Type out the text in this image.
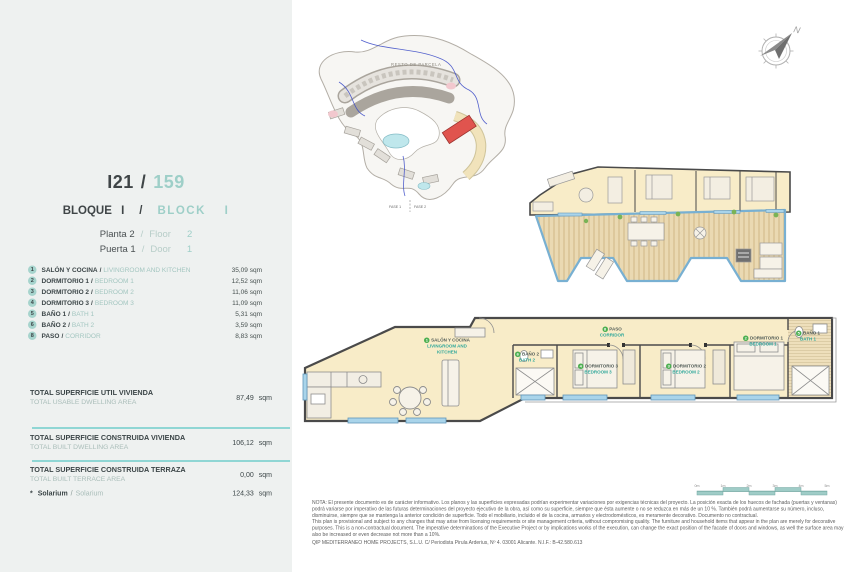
I21 / 159
BLOQUE I / BLOCK I
Planta 2 / Floor 2
Puerta 1 / Door 1
1 SALÓN Y COCINA / LIVINGROOM AND KITCHEN	35,09 sqm
2 DORMITORIO 1 / BEDROOM 1	12,52 sqm
3 DORMITORIO 2 / BEDROOM 2	11,06 sqm
4 DORMITORIO 3 / BEDROOM 3	11,09 sqm
5 BAÑO 1 / BATH 1	5,31 sqm
6 BAÑO 2 / BATH 2	3,59 sqm
8 PASO / CORRIDOR	8,83 sqm
TOTAL SUPERFICIE UTIL VIVIENDA
TOTAL USABLE DWELLING AREA
87,49 sqm
TOTAL SUPERFICIE CONSTRUIDA VIVIENDA
TOTAL BUILT DWELLING AREA
106,12 sqm
TOTAL SUPERFICIE CONSTRUIDA TERRAZA
TOTAL BUILT TERRACE AREA
0,00 sqm
* Solarium / Solarium	124,33 sqm
RESTO DE PARCELA
FASE 1 FASE 2
N
1 SALÓN Y COCINA
LIVINGROOM AND
KITCHEN
8 PASO
CORRIDOR
6 BAÑO 2
BATH 2
4 DORMITORIO 3
BEDROOM 3
3 DORMITORIO 2
BEDROOM 2
2 DORMITORIO 1
BEDROOM 1
5 BAÑO 1
BATH 1
0m	1m	2m	3m	4m	5m

NOTA: El presente documento es de carácter informativo. Los planos y las superficies expresadas podrían experimentar variaciones por exigencias técnicas del proyecto. La posición exacta de los huecos de fachada (puertas y ventanas) podrá variarse por imperativo de las futuras determinaciones del proyecto ejecutivo de la obra, así como su superficie, siempre que ésta aumente o no se reduzca en más de un 10 %. También podrá aumentarse su número, incluso, disminuirse, siempre que se mantenga la anterior condición de superficie. Todo el mobiliario, incluido el de la cocina, armarios y electrodomésticos, es meramente decorativo. Documento no contractual.

This plan is provisional and subject to any changes that may arise from licensing requirements or site management criteria, without compromising quality. The furniture and household items that appear in the plan are merely for decorative purposes. This is a non-contractual document. The imperative determinations of the Executive Project or by implications works of the execution, can change the exact position of the facade of doors and windows, as well the surface area may also be increased or even decrease not more than a 10%.

QIP MEDITERRANEO HOME PROJECTS, S.L.U. C/ Periodista Pirula Arderius, Nº 4. 03001 Alicante. N.I.F.: B-42.580.613
